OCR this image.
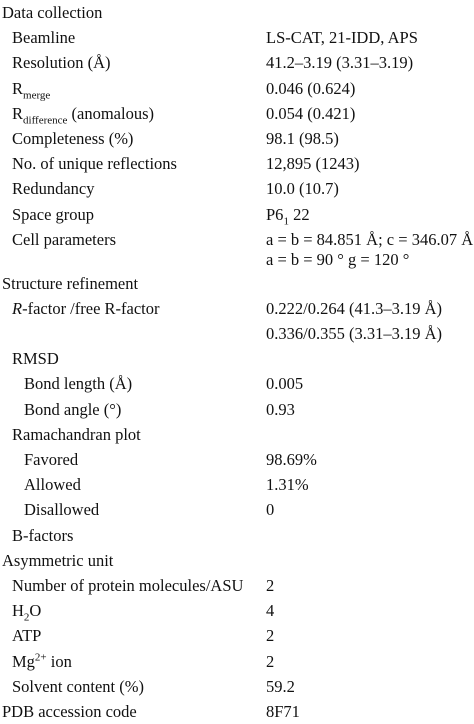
Data collection
Beamline	LS-CAT, 21-IDD, APS
Resolution (Å)	41.2–3.19 (3.31–3.19)
$R_{merge}$	0.046 (0.624)
$R_{difference}$ (anomalous)	0.054 (0.421)
Completeness (%)	98.1 (98.5)
No. of unique reflections	12,895 (1243)
Redundancy	10.0 (10.7)
Space group	$P6_1$ 22
Cell parameters	a = b = 84.851 Å; c = 346.07 Å
a = b = 90 ° g = 120 °
Structure refinement
R-factor /free R-factor	0.222/0.264 (41.3–3.19 Å)
0.336/0.355 (3.31–3.19 Å)
RMSD
Bond length (Å)	0.005
Bond angle (°)	0.93
Ramachandran plot
Favored	98.69%
Allowed	1.31%
Disallowed	0
B-factors
Asymmetric unit
Number of protein molecules/ASU 2
$H_2O$	4
ATP	2
$Mg^{2+}$ ion	2
Solvent content (%)	59.2
PDB accession code	8F71
